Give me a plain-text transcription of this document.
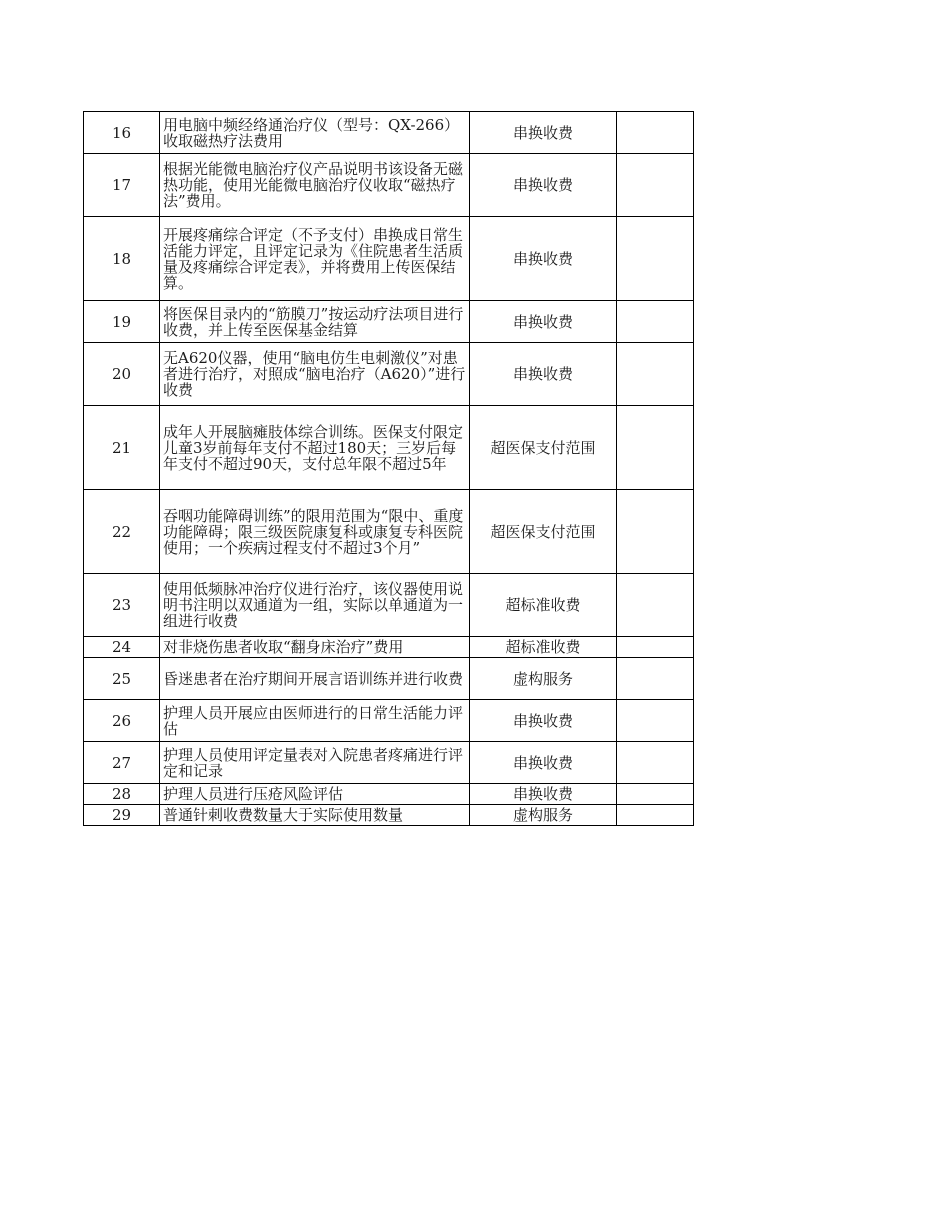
16	用电脑中频经络通治疗仪（型号：QX-266）收取磁热疗法费用	串换收费	
17	根据光能微电脑治疗仪产品说明书该设备无磁热功能，使用光能微电脑治疗仪收取“磁热疗法”费用。	串换收费	
18	开展疼痛综合评定（不予支付）串换成日常生活能力评定，且评定记录为《住院患者生活质量及疼痛综合评定表》，并将费用上传医保结算。	串换收费	
19	将医保目录内的“筋膜刀”按运动疗法项目进行收费，并上传至医保基金结算	串换收费	
20	无A620仪器，使用“脑电仿生电刺激仪”对患者进行治疗，对照成“脑电治疗（A620）”进行收费	串换收费	
21	成年人开展脑瘫肢体综合训练。医保支付限定儿童3岁前每年支付不超过180天；三岁后每年支付不超过90天，支付总年限不超过5年	超医保支付范围	
22	吞咽功能障碍训练”的限用范围为“限中、重度功能障碍；限三级医院康复科或康复专科医院使用；一个疾病过程支付不超过3个月”	超医保支付范围	
23	使用低频脉冲治疗仪进行治疗，该仪器使用说明书注明以双通道为一组，实际以单通道为一组进行收费	超标准收费	
24	对非烧伤患者收取“翻身床治疗”费用	超标准收费	
25	昏迷患者在治疗期间开展言语训练并进行收费	虚构服务	
26	护理人员开展应由医师进行的日常生活能力评估	串换收费	
27	护理人员使用评定量表对入院患者疼痛进行评定和记录	串换收费	
28	护理人员进行压疮风险评估	串换收费	
29	普通针刺收费数量大于实际使用数量	虚构服务	
